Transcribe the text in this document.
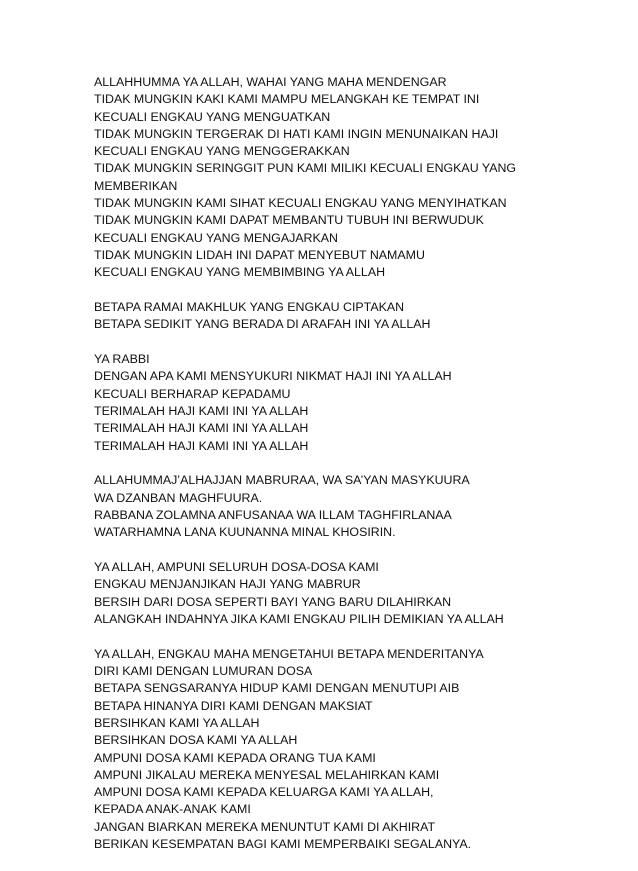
ALLAHHUMMA YA ALLAH, WAHAI YANG MAHA MENDENGAR
TIDAK MUNGKIN KAKI KAMI MAMPU MELANGKAH KE TEMPAT INI
KECUALI ENGKAU YANG MENGUATKAN
TIDAK MUNGKIN TERGERAK DI HATI KAMI INGIN MENUNAIKAN HAJI
KECUALI ENGKAU YANG MENGGERAKKAN
TIDAK MUNGKIN SERINGGIT PUN KAMI MILIKI KECUALI ENGKAU YANG
MEMBERIKAN
TIDAK MUNGKIN KAMI SIHAT KECUALI ENGKAU YANG MENYIHATKAN
TIDAK MUNGKIN KAMI DAPAT MEMBANTU TUBUH INI BERWUDUK
KECUALI ENGKAU YANG MENGAJARKAN
TIDAK MUNGKIN LIDAH INI DAPAT MENYEBUT NAMAMU
KECUALI ENGKAU YANG MEMBIMBING YA ALLAH
BETAPA RAMAI MAKHLUK YANG ENGKAU CIPTAKAN
BETAPA SEDIKIT YANG BERADA DI ARAFAH INI YA ALLAH
YA RABBI
DENGAN APA KAMI MENSYUKURI NIKMAT HAJI INI YA ALLAH
KECUALI BERHARAP KEPADAMU
TERIMALAH HAJI KAMI INI YA ALLAH
TERIMALAH HAJI KAMI INI YA ALLAH
TERIMALAH HAJI KAMI INI YA ALLAH
ALLAHUMMAJ’ALHAJJAN MABRURAA, WA SA’YAN MASYKUURA
WA DZANBAN MAGHFUURA.
RABBANA ZOLAMNA ANFUSANAA WA ILLAM TAGHFIRLANAA
WATARHAMNA LANA KUUNANNA MINAL KHOSIRIN.
YA ALLAH, AMPUNI SELURUH DOSA-DOSA KAMI
ENGKAU MENJANJIKAN HAJI YANG MABRUR
BERSIH DARI DOSA SEPERTI BAYI YANG BARU DILAHIRKAN
ALANGKAH INDAHNYA JIKA KAMI ENGKAU PILIH DEMIKIAN YA ALLAH
YA ALLAH, ENGKAU MAHA MENGETAHUI BETAPA MENDERITANYA
DIRI KAMI DENGAN LUMURAN DOSA
BETAPA SENGSARANYA HIDUP KAMI DENGAN MENUTUPI AIB
BETAPA HINANYA DIRI KAMI DENGAN MAKSIAT
BERSIHKAN KAMI YA ALLAH
BERSIHKAN DOSA KAMI YA ALLAH
AMPUNI DOSA KAMI KEPADA ORANG TUA KAMI
AMPUNI JIKALAU MEREKA MENYESAL MELAHIRKAN KAMI
AMPUNI DOSA KAMI KEPADA KELUARGA KAMI YA ALLAH,
KEPADA ANAK-ANAK KAMI
JANGAN BIARKAN MEREKA MENUNTUT KAMI DI AKHIRAT
BERIKAN KESEMPATAN BAGI KAMI MEMPERBAIKI SEGALANYA.
